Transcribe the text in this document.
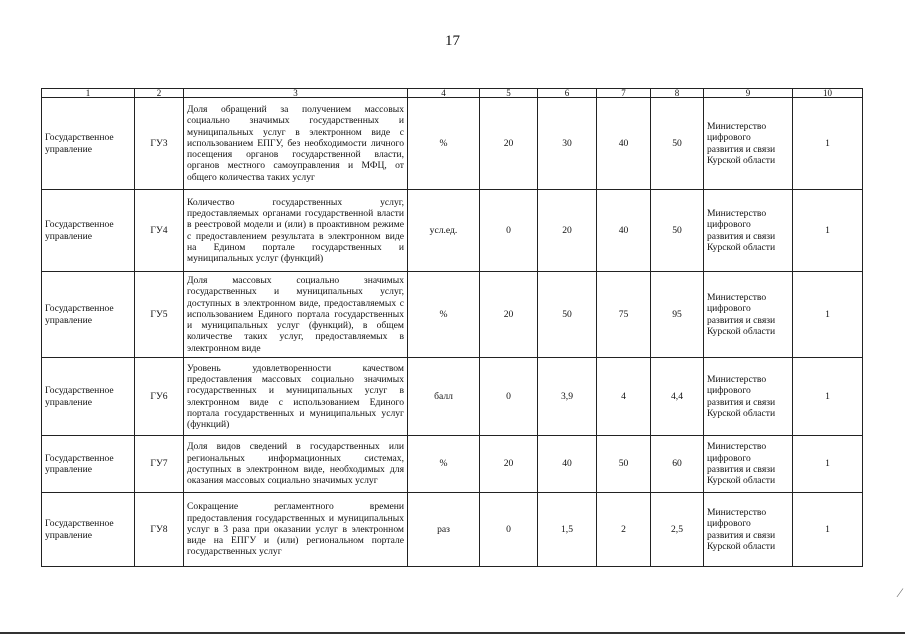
17
1	2	3	4	5	6	7	8	9	10
Государственное управление	ГУ3	Доля обращений за получением массовых социально значимых государственных и муниципальных услуг в электронном виде с использованием ЕПГУ, без необходимости личного посещения органов государственной власти, органов местного самоуправления и МФЦ, от общего количества таких услуг	%	20	30	40	50	Министерство цифрового развития и связи Курской области	1
Государственное управление	ГУ4	Количество государственных услуг, предоставляемых органами государственной власти в реестровой модели и (или) в проактивном режиме с предоставлением результата в электронном виде на Едином портале государственных и муниципальных услуг (функций)	усл.ед.	0	20	40	50	Министерство цифрового развития и связи Курской области	1
Государственное управление	ГУ5	Доля массовых социально значимых государственных и муниципальных услуг, доступных в электронном виде, предоставляемых с использованием Единого портала государственных и муниципальных услуг (функций), в общем количестве таких услуг, предоставляемых в электронном виде	%	20	50	75	95	Министерство цифрового развития и связи Курской области	1
Государственное управление	ГУ6	Уровень удовлетворенности качеством предоставления массовых социально значимых государственных и муниципальных услуг в электронном виде с использованием Единого портала государственных и муниципальных услуг (функций)	балл	0	3,9	4	4,4	Министерство цифрового развития и связи Курской области	1
Государственное управление	ГУ7	Доля видов сведений в государственных или региональных информационных системах, доступных в электронном виде, необходимых для оказания массовых социально значимых услуг	%	20	40	50	60	Министерство цифрового развития и связи Курской области	1
Государственное управление	ГУ8	Сокращение регламентного времени предоставления государственных и муниципальных услуг в 3 раза при оказании услуг в электронном виде на ЕПГУ и (или) региональном портале государственных услуг	раз	0	1,5	2	2,5	Министерство цифрового развития и связи Курской области	1
⁄
